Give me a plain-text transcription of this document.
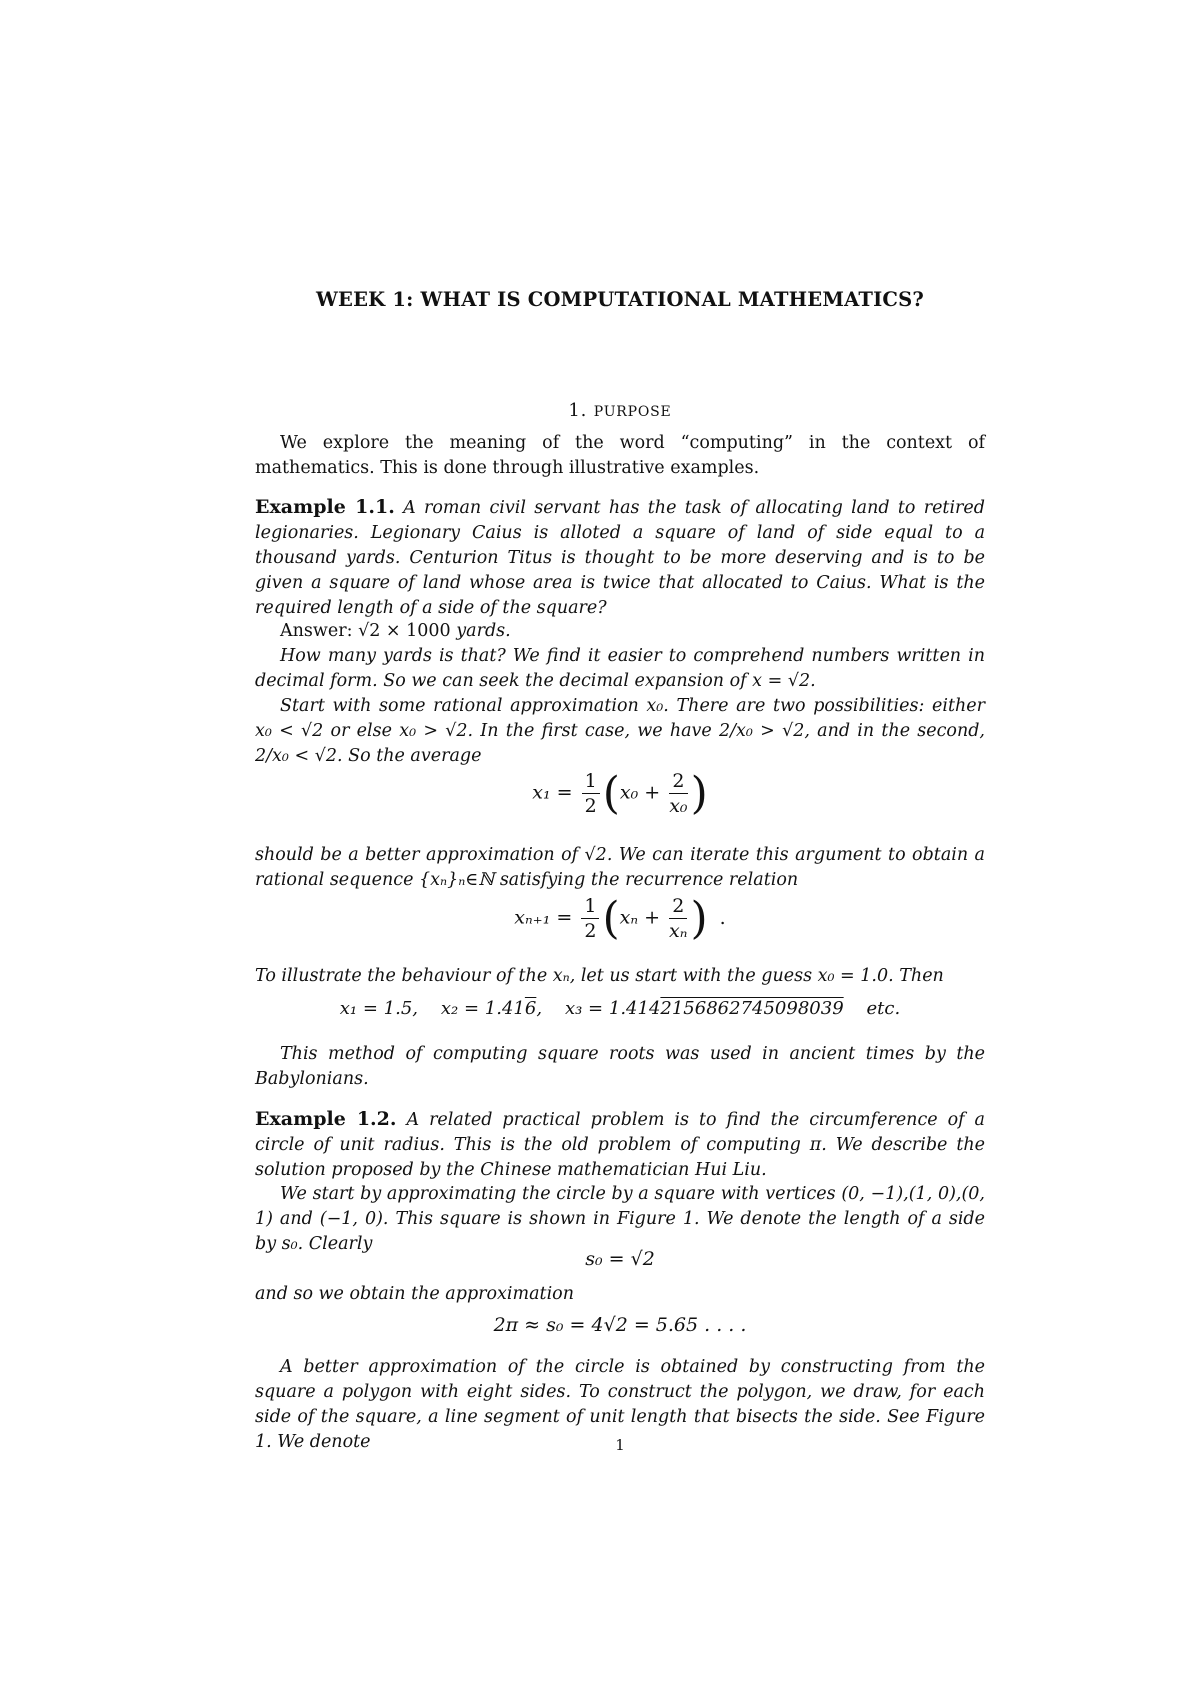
WEEK 1: WHAT IS COMPUTATIONAL MATHEMATICS?
1. PURPOSE
We explore the meaning of the word “computing” in the context of mathematics. This is done through illustrative examples.
Example 1.1. A roman civil servant has the task of allocating land to retired legionaries. Legionary Caius is alloted a square of land of side equal to a thousand yards. Centurion Titus is thought to be more deserving and is to be given a square of land whose area is twice that allocated to Caius. What is the required length of a side of the square?
Answer: √2 × 1000 yards.
How many yards is that? We find it easier to comprehend numbers written in decimal form. So we can seek the decimal expansion of x = √2.
Start with some rational approximation x₀. There are two possibilities: either x₀ < √2 or else x₀ > √2. In the first case, we have 2/x₀ > √2, and in the second, 2/x₀ < √2. So the average
$x_1 = \frac{1}{2} (x_0 + \frac{2}{\text{x₀}}$ )
should be a better approximation of √2. We can iterate this argument to obtain a rational sequence {xₙ}ₙ∈ℕ satisfying the recurrence relation
$x_{n+1} = \frac{1}{2} (x_n + \frac{2}{\text{xₙ}}$ ) .
To illustrate the behaviour of the xₙ, let us start with the guess x₀ = 1.0. Then
x₁ = 1.5, x₂ = 1.416, x₃ = 1.4142156862745098039 etc.
This method of computing square roots was used in ancient times by the Babylonians.
Example 1.2. A related practical problem is to find the circumference of a circle of unit radius. This is the old problem of computing π. We describe the solution proposed by the Chinese mathematician Hui Liu.
We start by approximating the circle by a square with vertices (0, −1),(1, 0),(0, 1) and (−1, 0). This square is shown in Figure 1. We denote the length of a side by s₀. Clearly
s₀ = √2
and so we obtain the approximation
2π ≈ s₀ = 4√2 = 5.65 . . . .
A better approximation of the circle is obtained by constructing from the square a polygon with eight sides. To construct the polygon, we draw, for each side of the square, a line segment of unit length that bisects the side. See Figure 1. We denote	1
